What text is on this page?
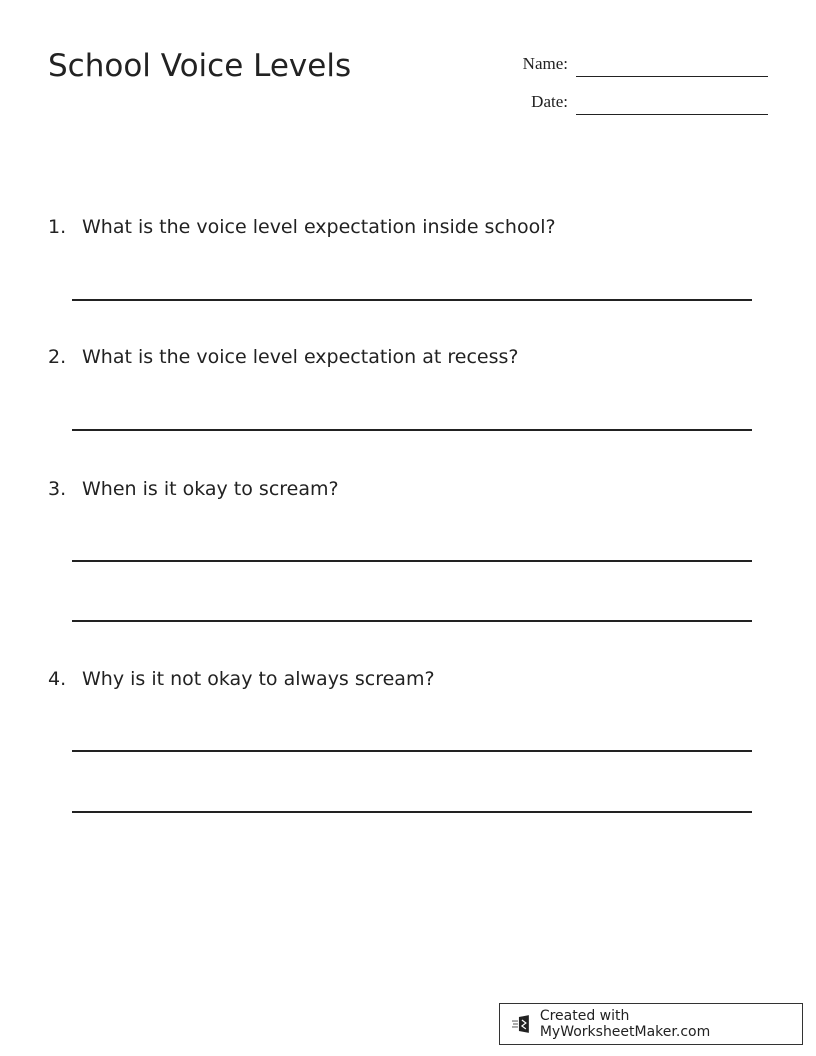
School Voice Levels	Name:
Date:
1. What is the voice level expectation inside school?
2. What is the voice level expectation at recess?
3. When is it okay to scream?
4. Why is it not okay to always scream?
Created with MyWorksheetMaker.com
